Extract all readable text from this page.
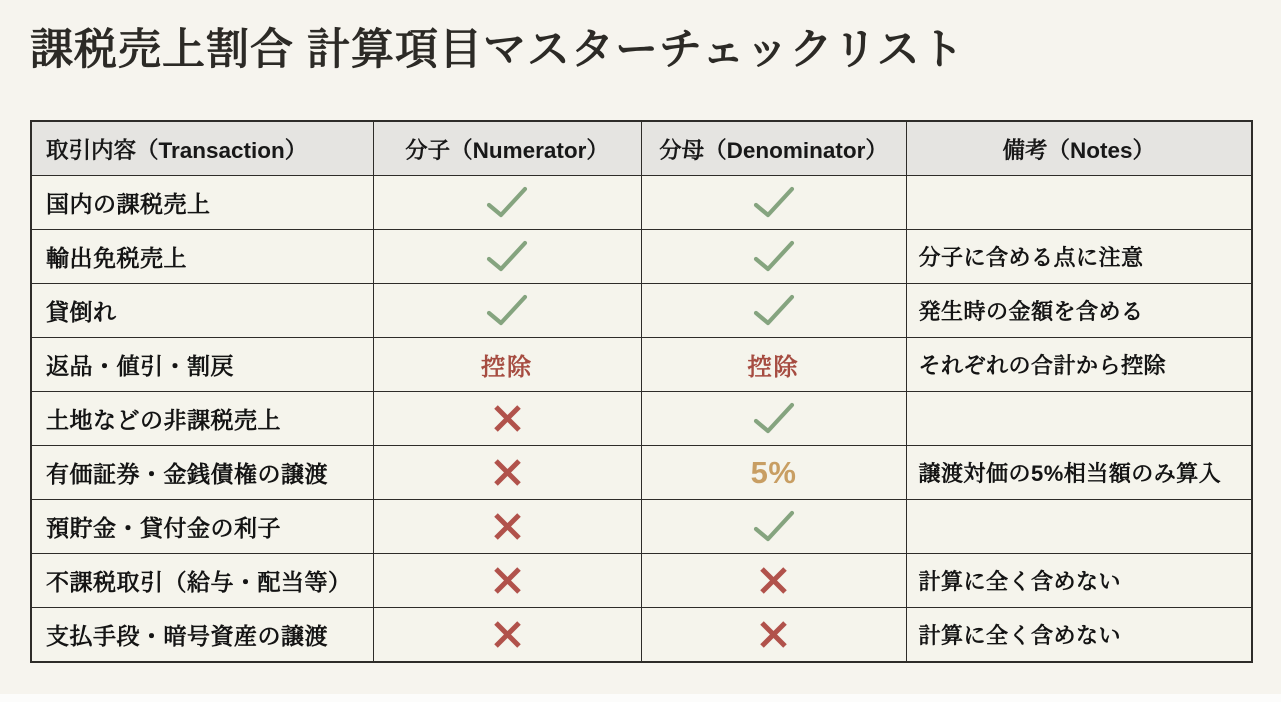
課税売上割合 計算項目マスターチェックリスト
取引内容（Transaction）	分子（Numerator）	分母（Denominator）	備考（Notes）
国内の課税売上			
輸出免税売上			分子に含める点に注意
貸倒れ			発生時の金額を含める
返品・値引・割戻	控除	控除	それぞれの合計から控除
土地などの非課税売上			
有価証券・金銭債権の譲渡		5%	譲渡対価の5%相当額のみ算入
預貯金・貸付金の利子			
不課税取引（給与・配当等）			計算に全く含めない
支払手段・暗号資産の譲渡			計算に全く含めない
